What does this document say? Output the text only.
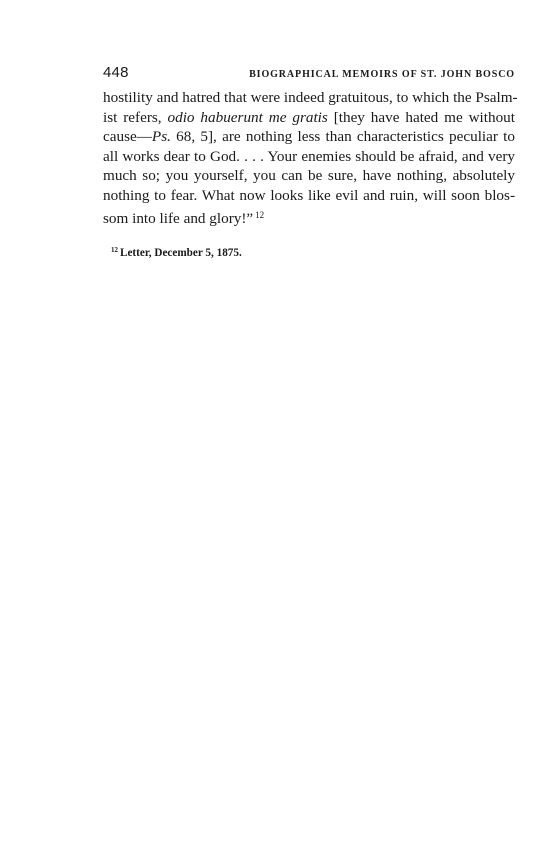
448	BIOGRAPHICAL MEMOIRS OF ST. JOHN BOSCO
hostility and hatred that were indeed gratuitous, to which the Psalm-
ist refers, odio habuerunt me gratis [they have hated me without
cause—Ps. 68, 5], are nothing less than characteristics peculiar to
all works dear to God. . . . Your enemies should be afraid, and very
much so; you yourself, you can be sure, have nothing, absolutely
nothing to fear. What now looks like evil and ruin, will soon blos-
som into life and glory!” $^{12}$
$^{12}$ Letter, December 5, 1875.
